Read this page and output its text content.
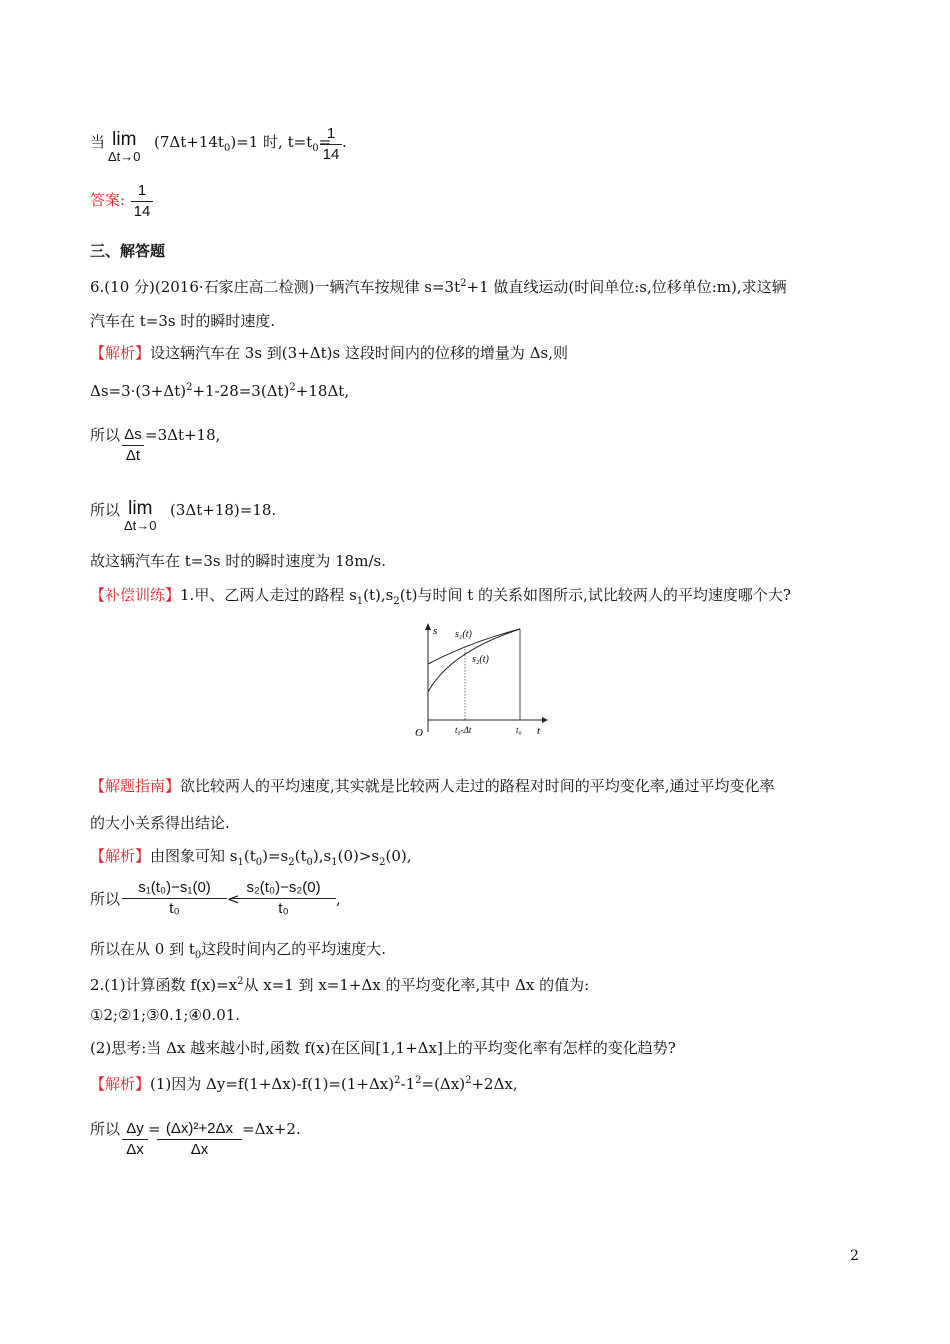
当 lim
Δt→0
$(7\Delta t+14t_0)=1$ 时, $t=t_0=$
1
14
.
答案:
1
14
三、解答题
6.(10 分)(2016·石家庄高二检测)一辆汽车按规律 $s=3t^2+1$ 做直线运动(时间单位:s,位移单位:m),求这辆
汽车在 t=3s 时的瞬时速度.
【解析】设这辆汽车在 3s 到(3+Δt)s 这段时间内的位移的增量为 Δs,则
$\Delta s=3\cdot(3+\Delta t)^2+1-28=3(\Delta t)^2+18\Delta t$,
所以 Δs
Δt
=3Δt+18,
所以 lim
Δt→0
(3Δt+18)=18.
故这辆汽车在 t=3s 时的瞬时速度为 18m/s.
【补偿训练】1.甲、乙两人走过的路程 $s_1(t),s_2(t)$与时间 t 的关系如图所示,试比较两人的平均速度哪个大?
s
t
O
s₁(t)
s₂(t)
t₀-Δt	t₀
【解题指南】欲比较两人的平均速度,其实就是比较两人走过的路程对时间的平均变化率,通过平均变化率
的大小关系得出结论.
【解析】由图象可知 $s_1(t_0)=s_2(t_0),s_1(0)>s_2(0)$,
所以
s₁(t₀)−s₁(0)
t₀
<
s₂(t₀)−s₂(0)
t₀
,
所以在从 0 到 $t_0$这段时间内乙的平均速度大.
2.(1)计算函数 $f(x)=x^2$从 x=1 到 x=1+Δx 的平均变化率,其中 Δx 的值为:
①2;②1;③0.1;④0.01.
(2)思考:当 Δx 越来越小时,函数 f(x)在区间[1,1+Δx]上的平均变化率有怎样的变化趋势?
【解析】(1)因为 $\Delta y=f(1+\Delta x)-f(1)=(1+\Delta x)^2-1^2=(\Delta x)^2+2\Delta x$,
所以 Δy
Δx
= (Δx)²+2Δx
Δx
=Δx+2.
2
